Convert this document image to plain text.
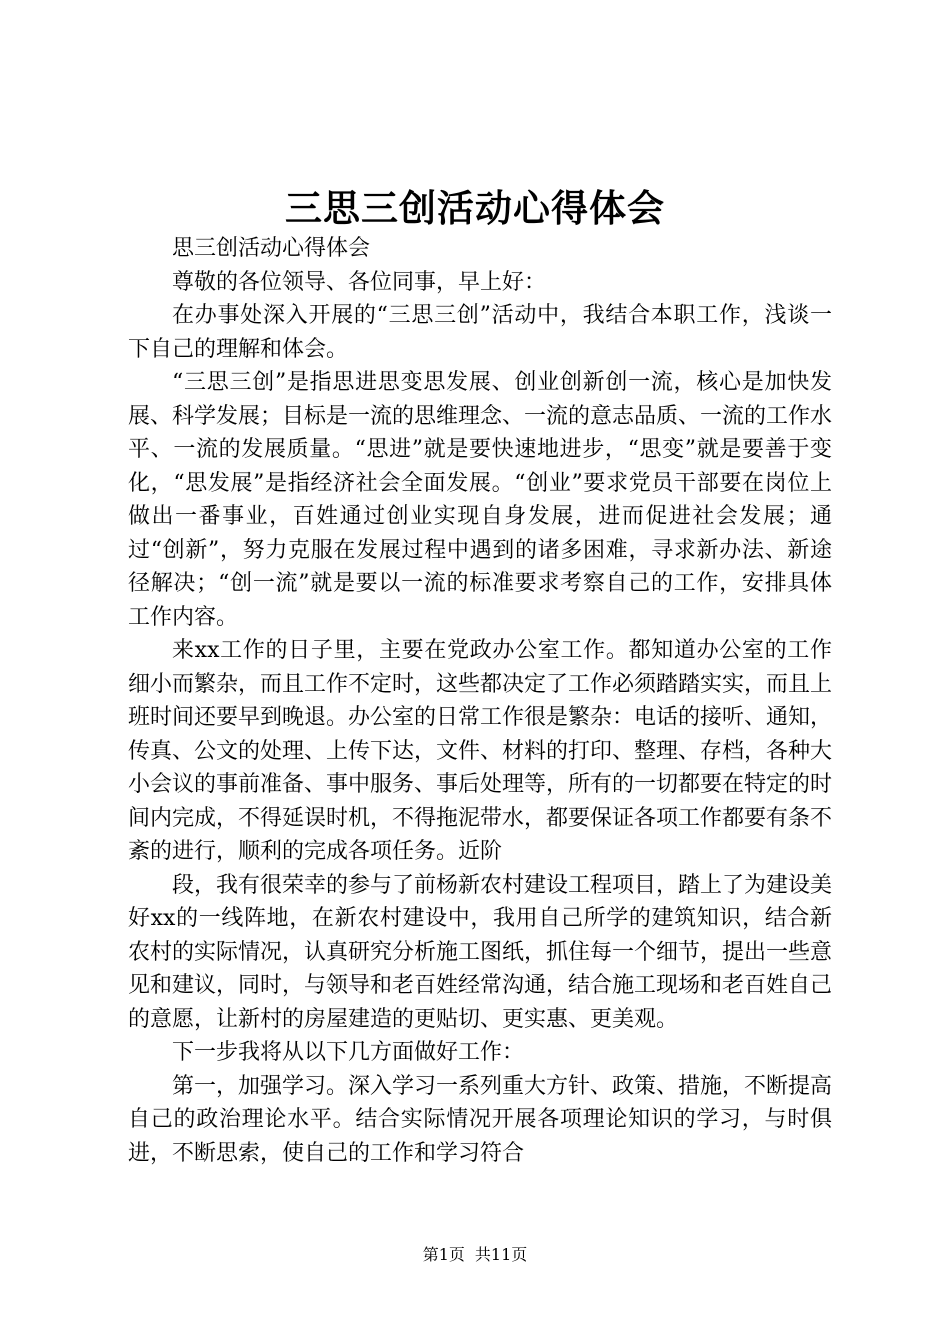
三思三创活动心得体会

思三创活动心得体会

尊敬的各位领导、各位同事，早上好：

在办事处深入开展的“三思三创”活动中，我结合本职工作，浅谈一下自己的理解和体会。

“三思三创”是指思进思变思发展、创业创新创一流，核心是加快发展、科学发展；目标是一流的思维理念、一流的意志品质、一流的工作水平、一流的发展质量。“思进”就是要快速地进步，“思变”就是要善于变化，“思发展”是指经济社会全面发展。“创业”要求党员干部要在岗位上做出一番事业，百姓通过创业实现自身发展，进而促进社会发展；通过“创新”，努力克服在发展过程中遇到的诸多困难，寻求新办法、新途径解决；“创一流”就是要以一流的标准要求考察自己的工作，安排具体工作内容。

来xx工作的日子里，主要在党政办公室工作。都知道办公室的工作细小而繁杂，而且工作不定时，这些都决定了工作必须踏踏实实，而且上班时间还要早到晚退。办公室的日常工作很是繁杂：电话的接听、通知，传真、公文的处理、上传下达，文件、材料的打印、整理、存档，各种大小会议的事前准备、事中服务、事后处理等，所有的一切都要在特定的时间内完成，不得延误时机，不得拖泥带水，都要保证各项工作都要有条不紊的进行，顺利的完成各项任务。近阶

段，我有很荣幸的参与了前杨新农村建设工程项目，踏上了为建设美好xx的一线阵地，在新农村建设中，我用自己所学的建筑知识，结合新农村的实际情况，认真研究分析施工图纸，抓住每一个细节，提出一些意见和建议，同时，与领导和老百姓经常沟通，结合施工现场和老百姓自己的意愿，让新村的房屋建造的更贴切、更实惠、更美观。

下一步我将从以下几方面做好工作：

第一，加强学习。深入学习一系列重大方针、政策、措施，不断提高自己的政治理论水平。结合实际情况开展各项理论知识的学习，与时俱进，不断思索，使自己的工作和学习符合

第1页 共11页
